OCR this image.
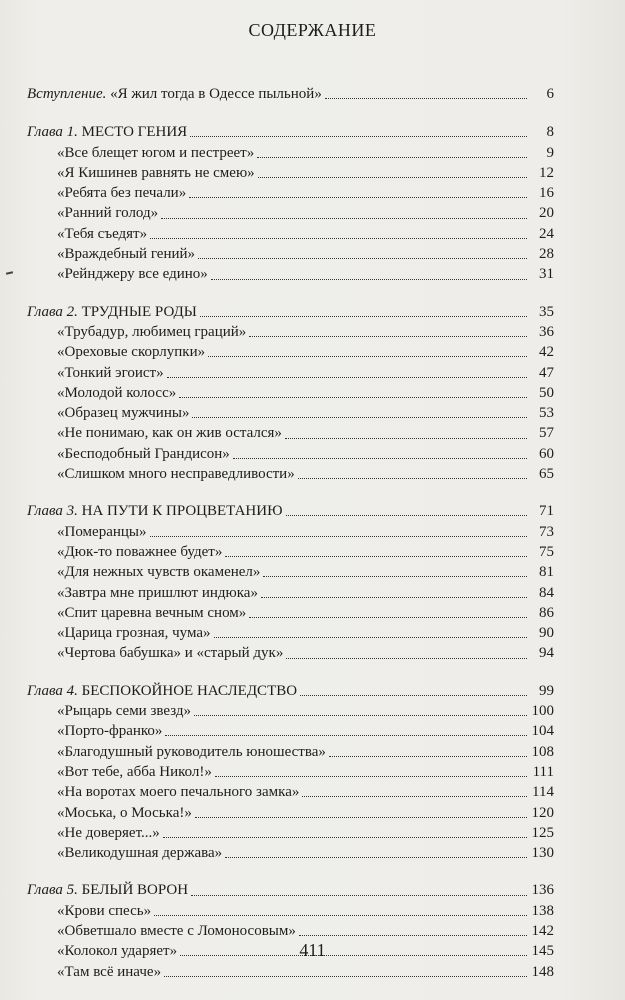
СОДЕРЖАНИЕ
Вступление. «Я жил тогда в Одессе пыльной»	6
Глава 1. МЕСТО ГЕНИЯ	8
«Все блещет югом и пестреет»	9
«Я Кишинев равнять не смею»	12
«Ребята без печали»	16
«Ранний голод»	20
«Тебя съедят»	24
«Враждебный гений»	28
«Рейнджеру все едино»	31
Глава 2. ТРУДНЫЕ РОДЫ	35
«Трубадур, любимец граций»	36
«Ореховые скорлупки»	42
«Тонкий эгоист»	47
«Молодой колосс»	50
«Образец мужчины»	53
«Не понимаю, как он жив остался»	57
«Бесподобный Грандисон»	60
«Слишком много несправедливости»	65
Глава 3. НА ПУТИ К ПРОЦВЕТАНИЮ	71
«Померанцы»	73
«Дюк-то поважнее будет»	75
«Для нежных чувств окаменел»	81
«Завтра мне пришлют индюка»	84
«Спит царевна вечным сном»	86
«Царица грозная, чума»	90
«Чертова бабушка» и «старый дук»	94
Глава 4. БЕСПОКОЙНОЕ НАСЛЕДСТВО	99
«Рыцарь семи звезд»	100
«Порто-франко»	104
«Благодушный руководитель юношества»	108
«Вот тебе, абба Никол!»	111
«На воротах моего печального замка»	114
«Моська, о Моська!»	120
«Не доверяет...»	125
«Великодушная держава»	130
Глава 5. БЕЛЫЙ ВОРОН	136
«Крови спесь»	138
«Обветшало вместе с Ломоносовым»	142
«Колокол ударяет»	145
«Там всё иначе»	148
411
